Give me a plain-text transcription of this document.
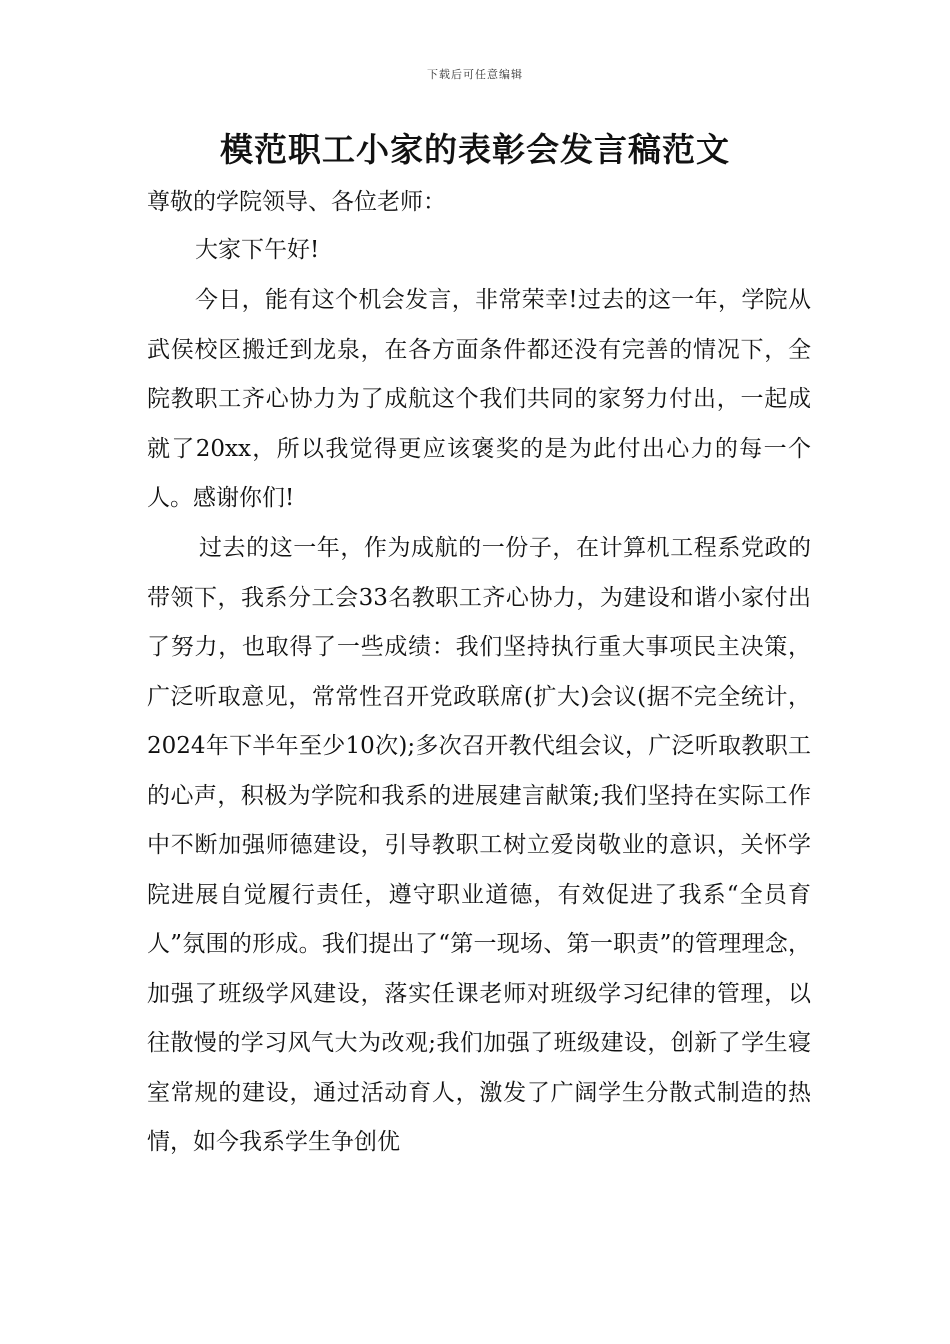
下载后可任意编辑
模范职工小家的表彰会发言稿范文

尊敬的学院领导、各位老师：

大家下午好!

今日，能有这个机会发言，非常荣幸!过去的这一年，学院从武侯校区搬迁到龙泉，在各方面条件都还没有完善的情况下，全院教职工齐心协力为了成航这个我们共同的家努力付出，一起成就了20xx，所以我觉得更应该褒奖的是为此付出心力的每一个人。感谢你们!

过去的这一年，作为成航的一份子，在计算机工程系党政的带领下，我系分工会33名教职工齐心协力，为建设和谐小家付出了努力，也取得了一些成绩：我们坚持执行重大事项民主决策，广泛听取意见，常常性召开党政联席(扩大)会议(据不完全统计，2024年下半年至少10次);多次召开教代组会议，广泛听取教职工的心声，积极为学院和我系的进展建言献策;我们坚持在实际工作中不断加强师德建设，引导教职工树立爱岗敬业的意识，关怀学院进展自觉履行责任，遵守职业道德，有效促进了我系“全员育人”氛围的形成。我们提出了“第一现场、第一职责”的管理理念，加强了班级学风建设，落实任课老师对班级学习纪律的管理，以往散慢的学习风气大为改观;我们加强了班级建设，创新了学生寝室常规的建设，通过活动育人，激发了广阔学生分散式制造的热情，如今我系学生争创优
